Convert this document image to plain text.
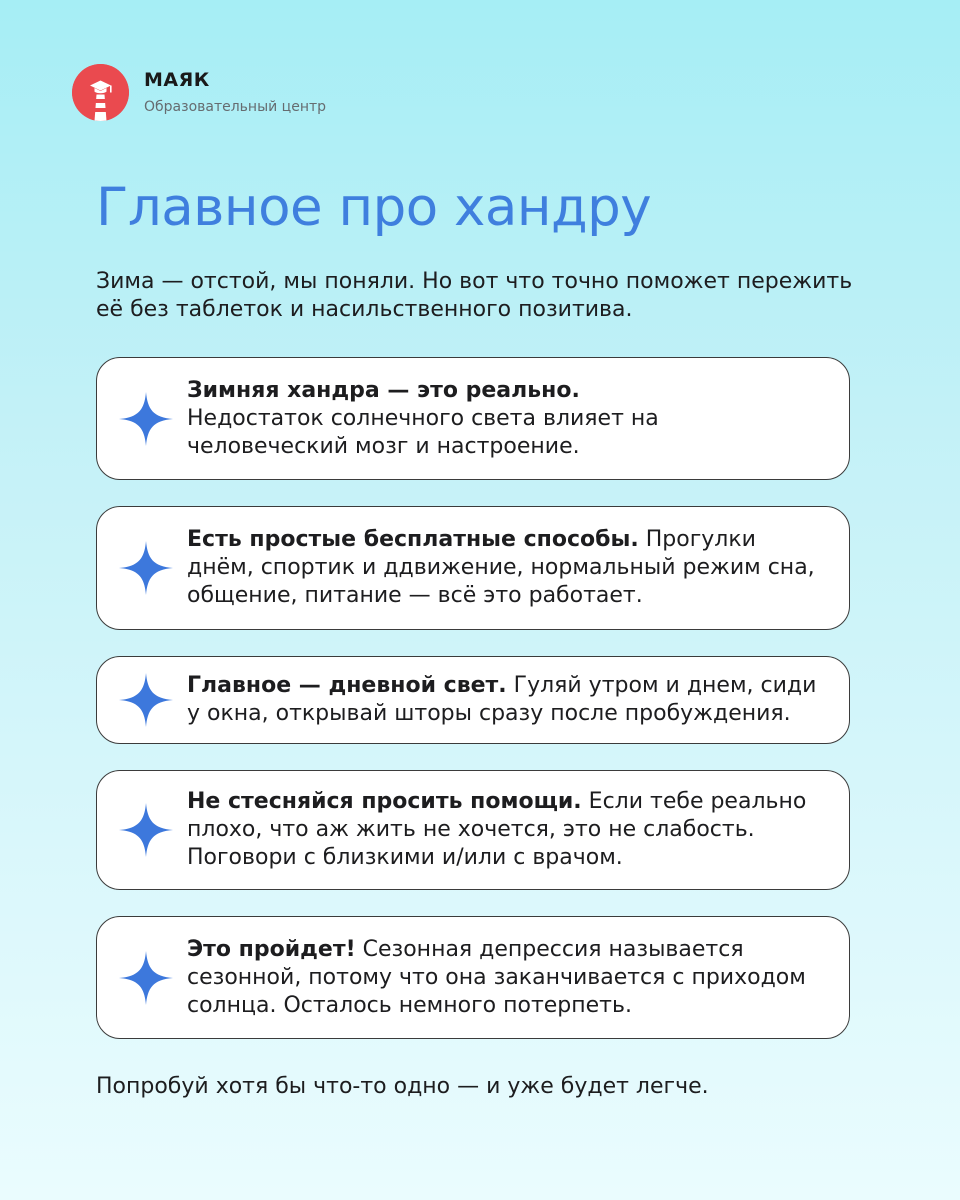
МАЯК
Образовательный центр
Главное про хандру

Зима — отстой, мы поняли. Но вот что точно поможет пережить её без таблеток и насильственного позитива.

Зимняя хандра — это реально.
Недостаток солнечного света влияет на человеческий мозг и настроение.
Есть простые бесплатные способы. Прогулки днём, спортик и ддвижение, нормальный режим сна, общение, питание — всё это работает.
Главное — дневной свет. Гуляй утром и днем, сиди у окна, открывай шторы сразу после пробуждения.
Не стесняйся просить помощи. Если тебе реально плохо, что аж жить не хочется, это не слабость. Поговори с близкими и/или с врачом.
Это пройдет! Сезонная депрессия называется сезонной, потому что она заканчивается с приходом солнца. Осталось немного потерпеть.

Попробуй хотя бы что-то одно — и уже будет легче.
